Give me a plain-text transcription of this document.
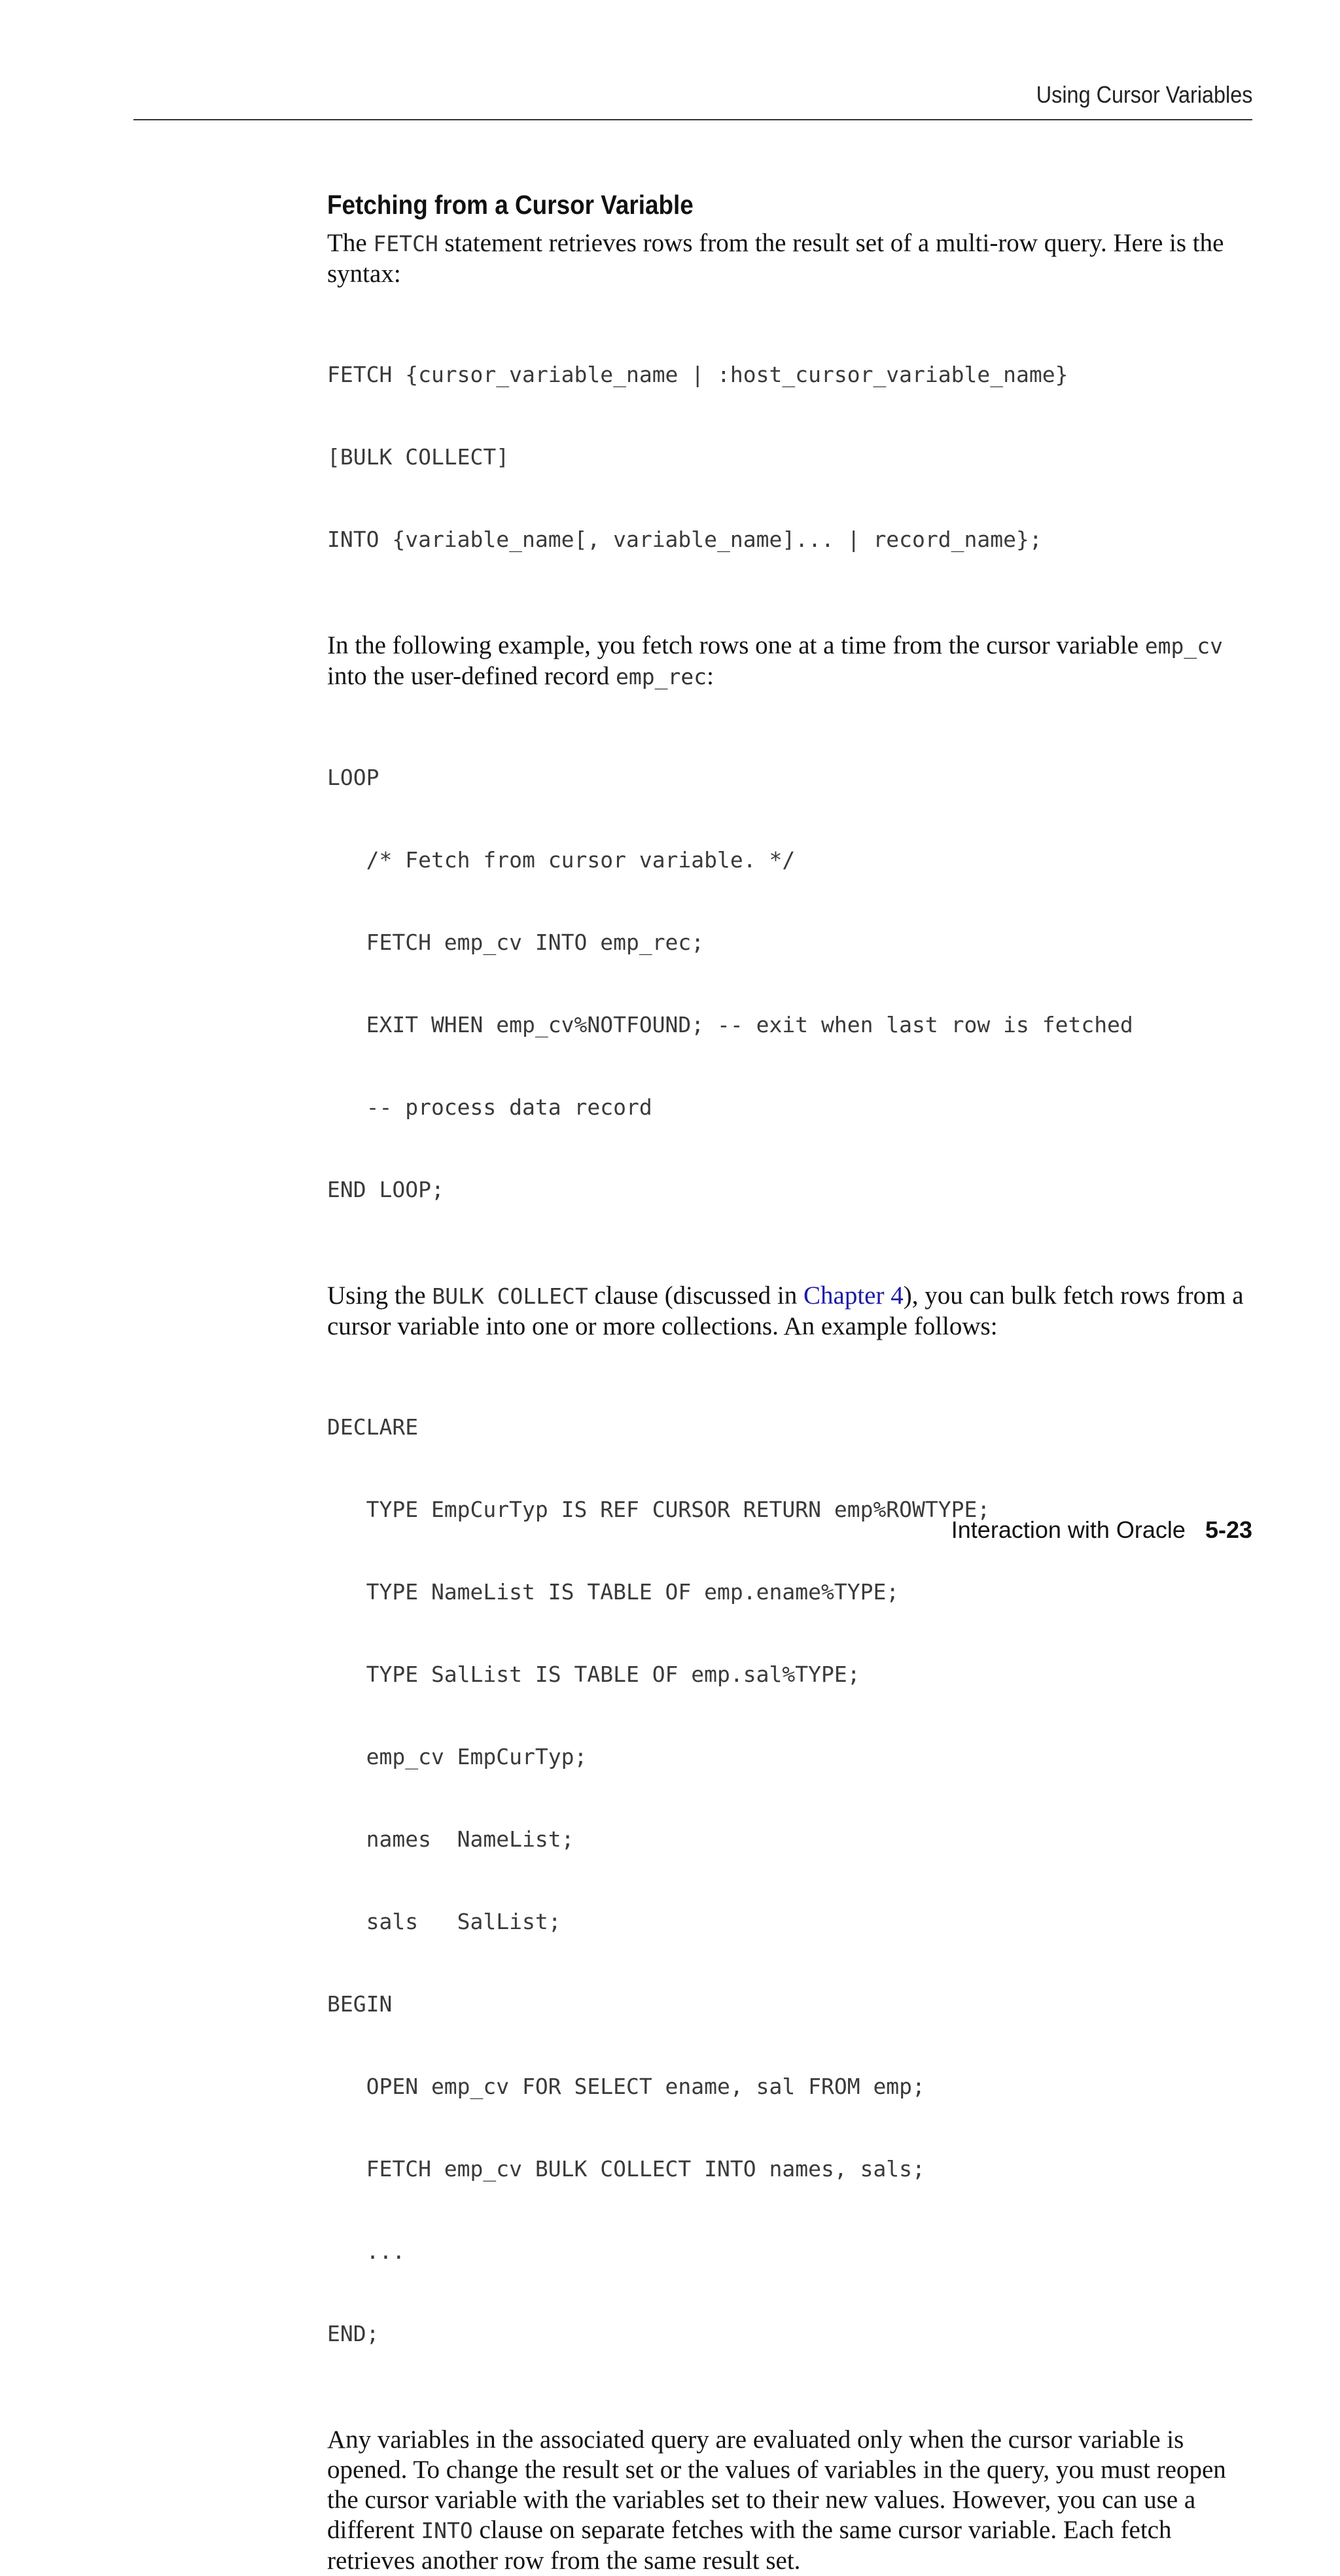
Using Cursor Variables
Fetching from a Cursor Variable

The FETCH statement retrieves rows from the result set of a multi-row query. Here is the syntax:

FETCH {cursor_variable_name | :host_cursor_variable_name}

[BULK COLLECT]

INTO {variable_name[, variable_name]... | record_name};

In the following example, you fetch rows one at a time from the cursor variable emp_cv into the user-defined record emp_rec:

LOOP

/* Fetch from cursor variable. */

FETCH emp_cv INTO emp_rec;

EXIT WHEN emp_cv%NOTFOUND; -- exit when last row is fetched

-- process data record

END LOOP;

Using the BULK COLLECT clause (discussed in Chapter 4), you can bulk fetch rows from a cursor variable into one or more collections. An example follows:

DECLARE

TYPE EmpCurTyp IS REF CURSOR RETURN emp%ROWTYPE;

TYPE NameList IS TABLE OF emp.ename%TYPE;

TYPE SalList IS TABLE OF emp.sal%TYPE;

emp_cv EmpCurTyp;

names  NameList;

sals   SalList;

BEGIN

OPEN emp_cv FOR SELECT ename, sal FROM emp;

FETCH emp_cv BULK COLLECT INTO names, sals;

...

END;

Any variables in the associated query are evaluated only when the cursor variable is opened. To change the result set or the values of variables in the query, you must reopen the cursor variable with the variables set to their new values. However, you can use a different INTO clause on separate fetches with the same cursor variable. Each fetch retrieves another row from the same result set.

Interaction with Oracle 5-23
